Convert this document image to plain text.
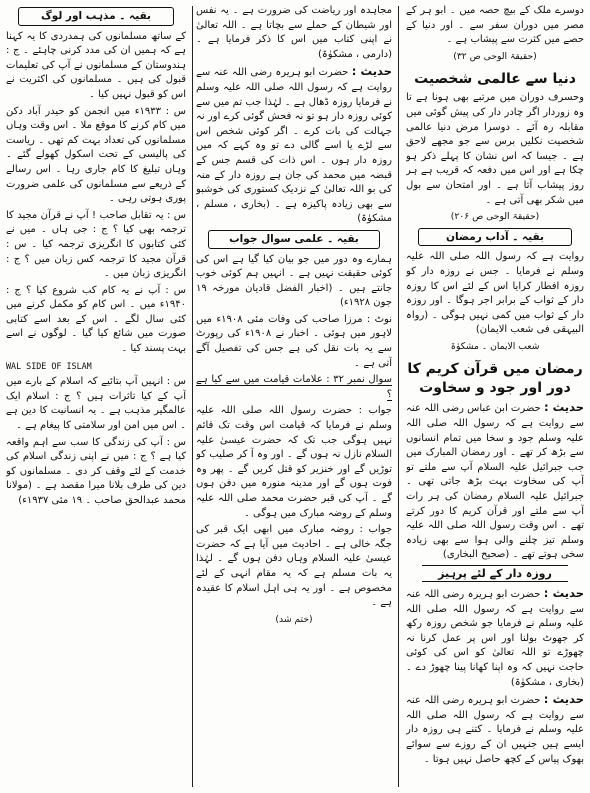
دوسرے ملک کے بیچ حصہ میں ۔ ابو ہر کے مصر میں دوران سفر سے ۔ اور دنیا کے حصے میں کثرت سے پیشاب ہے ۔
(حقیقۃ الوحی ص ۳۲)
دنیا سے عالمی شخصیت
وحسرف دوران میں مرتبے بھی ہونا ہے تا وہ زوردار اگر چادر دار کی پیش گوئی میں مقابلہ رہ آئے ۔ دوسرا مرض دنیا عالمی شخصیت نکلیں برس سے جو مجھے لاحق ہے ۔ جیسا کہ اس نشان کا پہلے ذکر ہو چکا ہے اور اس میں دفعہ کہ قریب ہے ہر روز پیشاب آتا ہے ۔ اور امتحان سے بول میں شکر بھی آتی ہے ۔
(حقیقۃ الوحی ص ۲۰۶)
بقیہ ۔ آداب رمضان
روایت ہے کہ رسول اللہ صلی اللہ علیہ وسلم نے فرمایا ۔ جس نے روزہ دار کو روزہ افطار کرایا اس کے لئے اس کا روزہ دار کے ثواب کے برابر اجر ہوگا ۔ اور روزہ دار کے ثواب میں کمی نہیں ہوگی ۔ (رواہ البیہقی فی شعب الایمان)
شعب الایمان ۔ مشکوٰۃ
رمضان میں قرآن کریم کا دور اور جود و سخاوت
حدیث : حضرت ابن عباس رضی اللہ عنہ سے روایت ہے کہ رسول اللہ صلی اللہ علیہ وسلم جود و سخا میں تمام انسانوں سے بڑھ کر تھے ۔ اور رمضان المبارک میں جب جبرائیل علیہ السلام آپ سے ملتے تو آپ کی سخاوت بہت بڑھ جاتی تھی ۔ جبرائیل علیہ السلام رمضان کی ہر رات آپ سے ملتے اور قرآن کریم کا دور کرتے تھے ۔ اس وقت رسول اللہ صلی اللہ علیہ وسلم تیز چلنے والی ہوا سے بھی زیادہ سخی ہوتے تھے ۔ (صحیح البخاری)
روزہ دار کے لئے پرہیز
حدیث : حضرت ابو ہریرہ رضی اللہ عنہ سے روایت ہے کہ رسول اللہ صلی اللہ علیہ وسلم نے فرمایا جو شخص روزہ رکھ کر جھوٹ بولنا اور اس پر عمل کرنا نہ چھوڑے تو اللہ تعالیٰ کو اس کی کوئی حاجت نہیں کہ وہ اپنا کھانا پینا چھوڑ دے ۔ (بخاری ، مشکوٰۃ)
حدیث : حضرت ابو ہریرہ رضی اللہ عنہ سے روایت ہے کہ رسول اللہ صلی اللہ علیہ وسلم نے فرمایا ۔ کتنے ہی روزہ دار ایسے ہیں جنہیں ان کے روزے سے سوائے بھوک پیاس کے کچھ حاصل نہیں ہوتا ۔
مجاہدہ اور ریاضت کی ضرورت ہے ۔ یہ نفس اور شیطان کے حملے سے بچاتا ہے ۔ اللہ تعالیٰ نے اپنی کتاب میں اس کا ذکر فرمایا ہے ۔ (دارمی ، مشکوٰۃ)
حدیث : حضرت ابو ہریرہ رضی اللہ عنہ سے روایت ہے کہ رسول اللہ صلی اللہ علیہ وسلم نے فرمایا روزہ ڈھال ہے ۔ لہٰذا جب تم میں سے کوئی روزہ دار ہو تو نہ فحش گوئی کرے اور نہ جہالت کی بات کرے ۔ اگر کوئی شخص اس سے لڑے یا اسے گالی دے تو وہ کہے کہ میں روزہ دار ہوں ۔ اس ذات کی قسم جس کے قبضہ میں محمد کی جان ہے روزہ دار کے منہ کی بو اللہ تعالیٰ کے نزدیک کستوری کی خوشبو سے بھی زیادہ پاکیزہ ہے ۔ (بخاری ، مسلم ، مشکوٰۃ)
بقیہ ۔ علمی سوال جواب
ہمارے وہ دور میں جو بیان کیا گیا ہے اس کی کوئی حقیقت نہیں ہے ۔ انہیں ہم کوئی خوب جانتے ہیں ۔ (اخبار الفضل قادیان مورخہ ۱۹ جون ۱۹۲۸ء)
نوٹ : مرزا صاحب کی وفات مئی ۱۹۰۸ء میں لاہور میں ہوئی ۔ اخبار نے ۱۹۰۸ء کی رپورٹ سے یہ بات نقل کی ہے جس کی تفصیل آگے آتی ہے ۔
سوال نمبر ۳۲ : علامات قیامت میں سے کیا ہے ؟
جواب : حضرت رسول اللہ صلی اللہ علیہ وسلم نے فرمایا کہ قیامت اس وقت تک قائم نہیں ہوگی جب تک کہ حضرت عیسیٰ علیہ السلام نازل نہ ہوں گے ۔ اور وہ آ کر صلیب کو توڑیں گے اور خنزیر کو قتل کریں گے ۔ پھر وہ فوت ہوں گے اور مدینہ منورہ میں دفن ہوں گے ۔ آپ کی قبر حضرت محمد صلی اللہ علیہ وسلم کے روضہ مبارک میں ہوگی ۔
جواب : روضہ مبارک میں ابھی ایک قبر کی جگہ خالی ہے ۔ احادیث میں آیا ہے کہ حضرت عیسیٰ علیہ السلام وہاں دفن ہوں گے ۔ لہٰذا یہ بات مسلم ہے کہ یہ مقام انہی کے لئے مخصوص ہے ۔ اور یہ ہی اہل اسلام کا عقیدہ ہے ۔
(ختم شد)
بقیہ ۔ مذہب اور لوگ
کے ساتھ مسلمانوں کی ہمدردی کا یہ کہنا ہے کہ ہمیں ان کی مدد کرنی چاہئے ۔ ج : ہندوستان کے مسلمانوں نے آپ کی تعلیمات قبول کی ہیں ۔ مسلمانوں کی اکثریت نے اس کو قبول نہیں کیا ۔
س : ۱۹۳۳ء میں انجمن کو حیدر آباد دکن میں کام کرنے کا موقع ملا ۔ اس وقت وہاں مسلمانوں کی تعداد بہت کم تھی ۔ ریاست کی پالیسی کے تحت اسکول کھولے گئے ۔ وہاں تبلیغ کا کام جاری رہا ۔ اس رسالے کے ذریعے سے مسلمانوں کی علمی ضرورت پوری ہوتی رہی ۔
س : یہ تقابل صاحب ! آپ نے قرآن مجید کا ترجمہ بھی کیا ؟ ج : جی ہاں ۔ میں نے کئی کتابوں کا انگریزی ترجمہ کیا ۔ س : قرآن مجید کا ترجمہ کس زبان میں ؟ ج : انگریزی زبان میں ۔
س : آپ نے یہ کام کب شروع کیا ؟ ج : ۱۹۴۰ء میں ۔ اس کام کو مکمل کرنے میں کئی سال لگے ۔ اس کے بعد اسے کتابی صورت میں شائع کیا گیا ۔ لوگوں نے اسے بہت پسند کیا ۔
WAL SIDE OF ISLAM
س : انہیں آپ بتائیے کہ اسلام کے بارے میں آپ کے کیا تاثرات ہیں ؟ ج : اسلام ایک عالمگیر مذہب ہے ۔ یہ انسانیت کا دین ہے ۔ اس میں امن اور سلامتی کا پیغام ہے ۔
س : آپ کی زندگی کا سب سے اہم واقعہ کیا ہے ؟ ج : میں نے اپنی زندگی اسلام کی خدمت کے لئے وقف کر دی ۔ مسلمانوں کو دین کی طرف بلانا میرا مقصد ہے ۔ (مولانا محمد عبدالحق صاحب ۔ ۱۹ مئی ۱۹۳۷ء)
